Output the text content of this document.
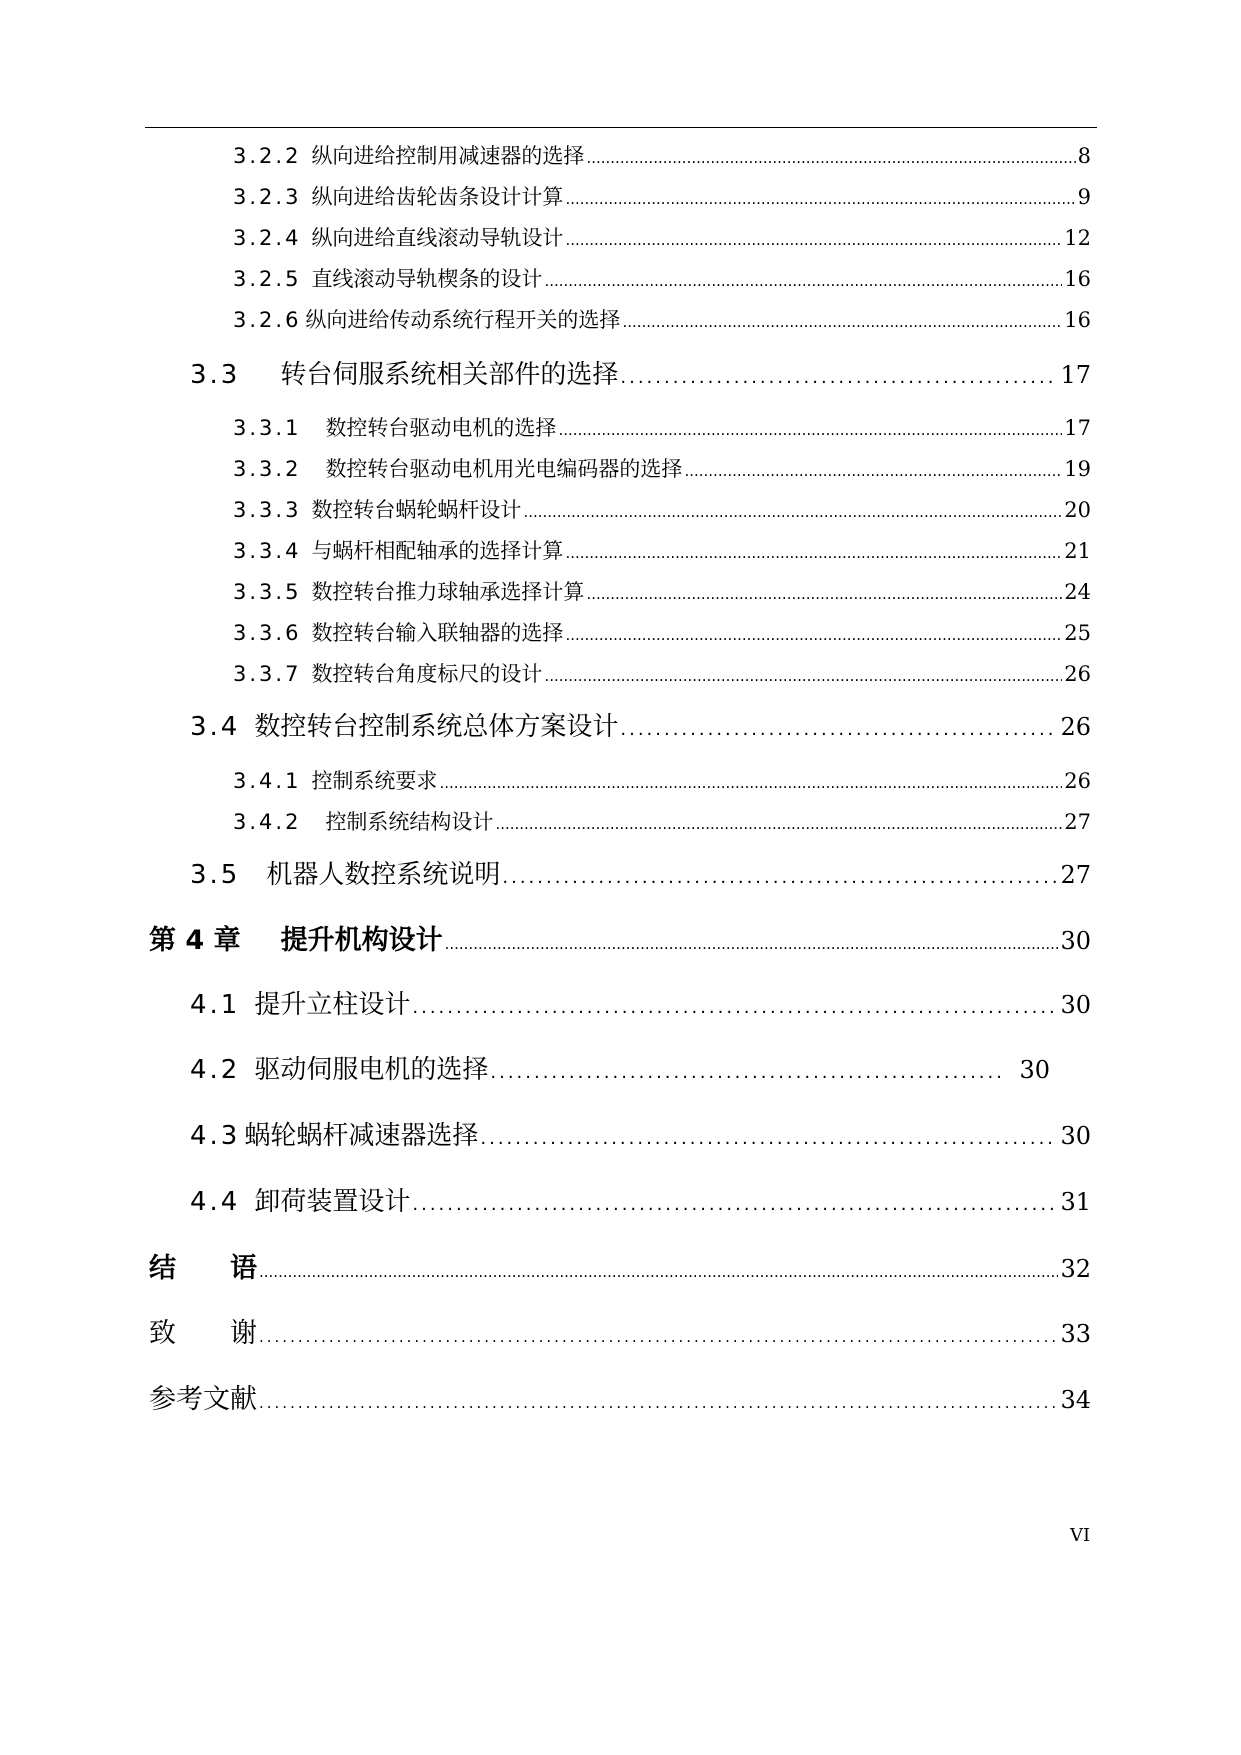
3.2.2 纵向进给控制用减速器的选择 .....	8
3.2.3 纵向进给齿轮齿条设计计算 .....	9
3.2.4 纵向进给直线滚动导轨设计 .....	12
3.2.5 直线滚动导轨楔条的设计 .....	16
3.2.6 纵向进给传动系统行程开关的选择 .....	16
3.3 转台伺服系统相关部件的选择 .....	17
3.3.1 数控转台驱动电机的选择 .....	17
3.3.2 数控转台驱动电机用光电编码器的选择 .....	19
3.3.3 数控转台蜗轮蜗杆设计 .....	20
3.3.4 与蜗杆相配轴承的选择计算 .....	21
3.3.5 数控转台推力球轴承选择计算 .....	24
3.3.6 数控转台输入联轴器的选择 .....	25
3.3.7 数控转台角度标尺的设计 .....	26
3.4 数控转台控制系统总体方案设计 .....	26
3.4.1 控制系统要求 .....	26
3.4.2 控制系统结构设计 .....	27
3.5 机器人数控系统说明 .....	27
第 4 章 提升机构设计 .....	30
4.1 提升立柱设计 .....	30
4.2 驱动伺服电机的选择 .....	30
4.3 蜗轮蜗杆减速器选择 .....	30
4.4 卸荷装置设计 .....	31
结　　语 .....	32
致　　谢 .....	33
参考文献 .....	34
VI
